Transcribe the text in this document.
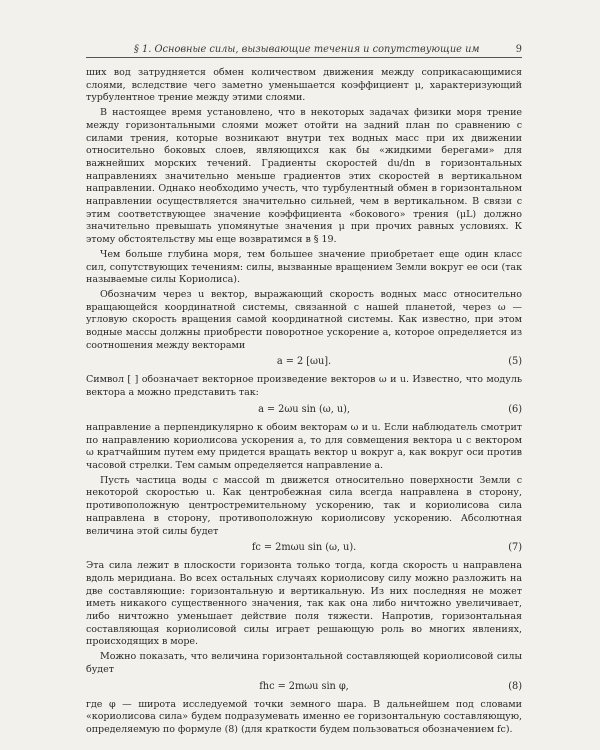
§ 1. Основные силы, вызывающие течения и сопутствующие им	9

ших вод затрудняется обмен количеством движения между соприкасающимися слоями, вследствие чего заметно уменьшается коэффициент μ, характеризующий турбулентное трение между этими слоями.

В настоящее время установлено, что в некоторых задачах физики моря трение между горизонтальными слоями может отойти на задний план по сравнению с силами трения, которые возникают внутри тех водных масс при их движении относительно боковых слоев, являющихся как бы «жидкими берегами» для важнейших морских течений. Градиенты скоростей du/dn в горизонтальных направлениях значительно меньше градиентов этих скоростей в вертикальном направлении. Однако необходимо учесть, что турбулентный обмен в горизонтальном направлении осуществляется значительно сильней, чем в вертикальном. В связи с этим соответствующее значение коэффициента «бокового» трения (μL) должно значительно превышать упомянутые значения μ при прочих равных условиях. К этому обстоятельству мы еще возвратимся в § 19.

Чем больше глубина моря, тем большее значение приобретает еще один класс сил, сопутствующих течениям: силы, вызванные вращением Земли вокруг ее оси (так называемые силы Кориолиса).

Обозначим через u вектор, выражающий скорость водных масс относительно вращающейся координатной системы, связанной с нашей планетой, через ω — угловую скорость вращения самой координатной системы. Как известно, при этом водные массы должны приобрести поворотное ускорение a, которое определяется из соотношения между векторами

a = 2 [ωu].	(5)

Символ [ ] обозначает векторное произведение векторов ω и u. Известно, что модуль вектора a можно представить так:

a = 2ωu sin (ω, u),	(6)

направление a перпендикулярно к обоим векторам ω и u. Если наблюдатель смотрит по направлению кориолисова ускорения a, то для совмещения вектора u с вектором ω кратчайшим путем ему придется вращать вектор u вокруг a, как вокруг оси против часовой стрелки. Тем самым определяется направление a.

Пусть частица воды с массой m движется относительно поверхности Земли с некоторой скоростью u. Как центробежная сила всегда направлена в сторону, противоположную центростремительному ускорению, так и кориолисова сила направлена в сторону, противоположную кориолисову ускорению. Абсолютная величина этой силы будет

fc = 2mωu sin (ω, u).	(7)

Эта сила лежит в плоскости горизонта только тогда, когда скорость u направлена вдоль меридиана. Во всех остальных случаях кориолисову силу можно разложить на две составляющие: горизонтальную и вертикальную. Из них последняя не может иметь никакого существенного значения, так как она либо ничтожно увеличивает, либо ничтожно уменьшает действие поля тяжести. Напротив, горизонтальная составляющая кориолисовой силы играет решающую роль во многих явлениях, происходящих в море.

Можно показать, что величина горизонтальной составляющей кориолисовой силы будет

fhc = 2mωu sin φ,	(8)

где φ — широта исследуемой точки земного шара. В дальнейшем под словами «кориолисова сила» будем подразумевать именно ее горизонтальную составляющую, определяемую по формуле (8) (для краткости будем пользоваться обозначением fc).
